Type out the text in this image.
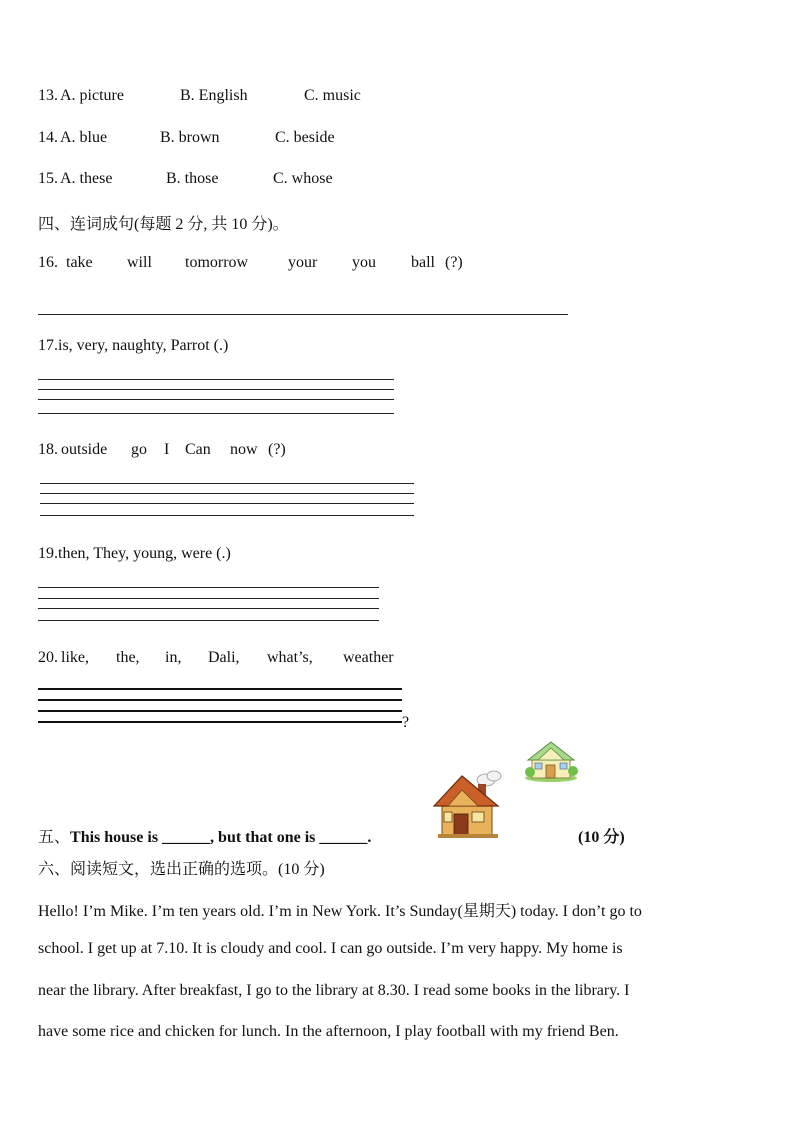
13. A. picture	B. English	C. music
14. A. blue	B. brown	C. beside
15. A. these	B. those	C. whose
四、连词成句(每题 2 分, 共 10 分)。
16. take will tomorrow your you ball (?)
17.is, very, naughty, Parrot (.)
18. outside go I Can now (?)
19.then, They, young, were (.)
20. like, the, in, Dali, what’s, weather
?
五、This house is ______, but that one is ______.	(10 分)
六、阅读短文，选出正确的选项。(10 分)
Hello! I’m Mike. I’m ten years old. I’m in New York. It’s Sunday(星期天) today. I don’t go to
school. I get up at 7.10. It is cloudy and cool. I can go outside. I’m very happy. My home is
near the library. After breakfast, I go to the library at 8.30. I read some books in the library. I
have some rice and chicken for lunch. In the afternoon, I play football with my friend Ben.
